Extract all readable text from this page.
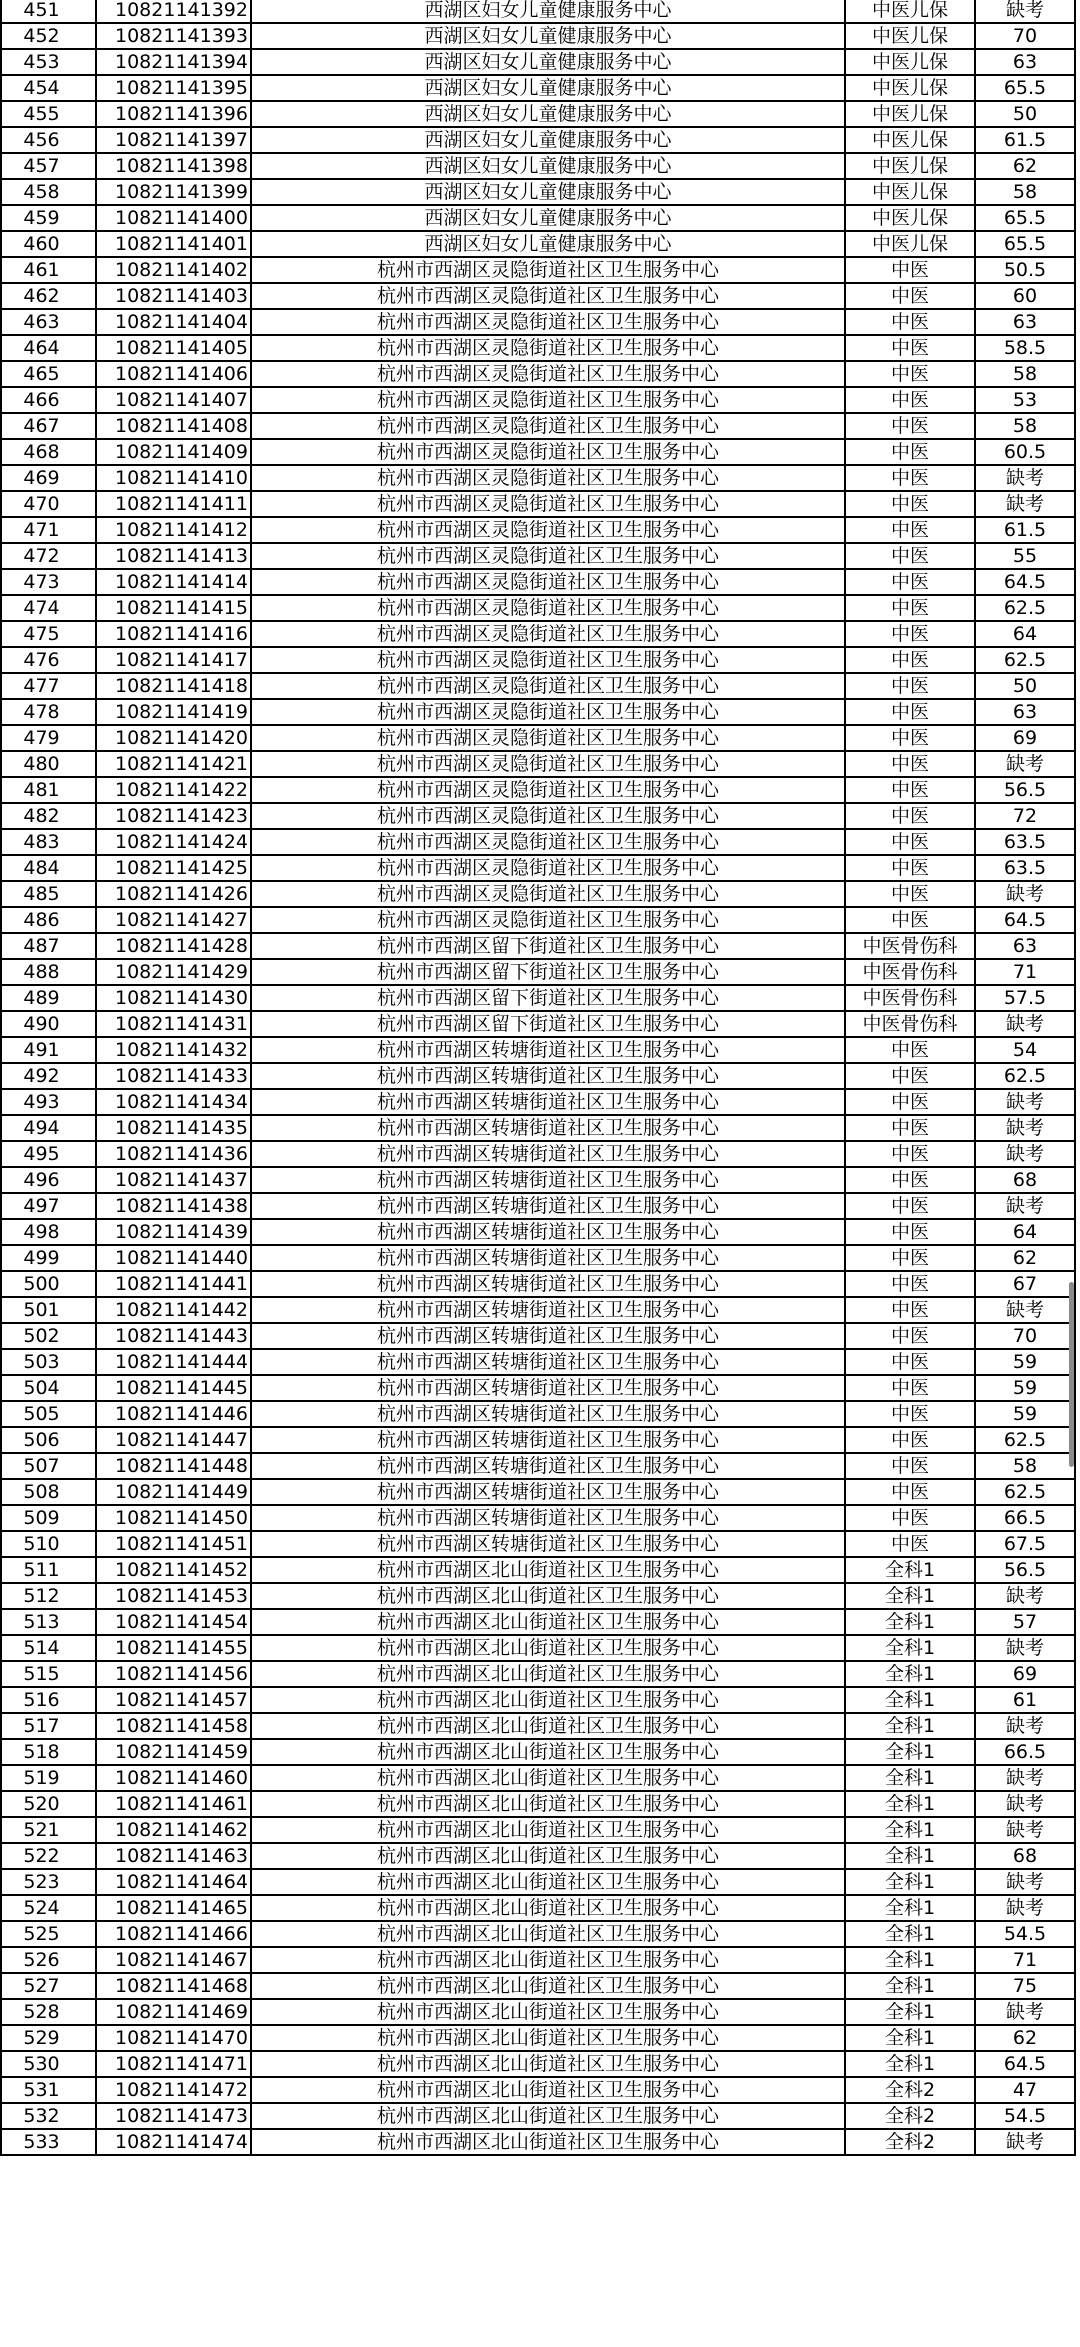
451	10821141392	西湖区妇女儿童健康服务中心	中医儿保	缺考
452	10821141393	西湖区妇女儿童健康服务中心	中医儿保	70
453	10821141394	西湖区妇女儿童健康服务中心	中医儿保	63
454	10821141395	西湖区妇女儿童健康服务中心	中医儿保	65.5
455	10821141396	西湖区妇女儿童健康服务中心	中医儿保	50
456	10821141397	西湖区妇女儿童健康服务中心	中医儿保	61.5
457	10821141398	西湖区妇女儿童健康服务中心	中医儿保	62
458	10821141399	西湖区妇女儿童健康服务中心	中医儿保	58
459	10821141400	西湖区妇女儿童健康服务中心	中医儿保	65.5
460	10821141401	西湖区妇女儿童健康服务中心	中医儿保	65.5
461	10821141402	杭州市西湖区灵隐街道社区卫生服务中心	中医	50.5
462	10821141403	杭州市西湖区灵隐街道社区卫生服务中心	中医	60
463	10821141404	杭州市西湖区灵隐街道社区卫生服务中心	中医	63
464	10821141405	杭州市西湖区灵隐街道社区卫生服务中心	中医	58.5
465	10821141406	杭州市西湖区灵隐街道社区卫生服务中心	中医	58
466	10821141407	杭州市西湖区灵隐街道社区卫生服务中心	中医	53
467	10821141408	杭州市西湖区灵隐街道社区卫生服务中心	中医	58
468	10821141409	杭州市西湖区灵隐街道社区卫生服务中心	中医	60.5
469	10821141410	杭州市西湖区灵隐街道社区卫生服务中心	中医	缺考
470	10821141411	杭州市西湖区灵隐街道社区卫生服务中心	中医	缺考
471	10821141412	杭州市西湖区灵隐街道社区卫生服务中心	中医	61.5
472	10821141413	杭州市西湖区灵隐街道社区卫生服务中心	中医	55
473	10821141414	杭州市西湖区灵隐街道社区卫生服务中心	中医	64.5
474	10821141415	杭州市西湖区灵隐街道社区卫生服务中心	中医	62.5
475	10821141416	杭州市西湖区灵隐街道社区卫生服务中心	中医	64
476	10821141417	杭州市西湖区灵隐街道社区卫生服务中心	中医	62.5
477	10821141418	杭州市西湖区灵隐街道社区卫生服务中心	中医	50
478	10821141419	杭州市西湖区灵隐街道社区卫生服务中心	中医	63
479	10821141420	杭州市西湖区灵隐街道社区卫生服务中心	中医	69
480	10821141421	杭州市西湖区灵隐街道社区卫生服务中心	中医	缺考
481	10821141422	杭州市西湖区灵隐街道社区卫生服务中心	中医	56.5
482	10821141423	杭州市西湖区灵隐街道社区卫生服务中心	中医	72
483	10821141424	杭州市西湖区灵隐街道社区卫生服务中心	中医	63.5
484	10821141425	杭州市西湖区灵隐街道社区卫生服务中心	中医	63.5
485	10821141426	杭州市西湖区灵隐街道社区卫生服务中心	中医	缺考
486	10821141427	杭州市西湖区灵隐街道社区卫生服务中心	中医	64.5
487	10821141428	杭州市西湖区留下街道社区卫生服务中心	中医骨伤科	63
488	10821141429	杭州市西湖区留下街道社区卫生服务中心	中医骨伤科	71
489	10821141430	杭州市西湖区留下街道社区卫生服务中心	中医骨伤科	57.5
490	10821141431	杭州市西湖区留下街道社区卫生服务中心	中医骨伤科	缺考
491	10821141432	杭州市西湖区转塘街道社区卫生服务中心	中医	54
492	10821141433	杭州市西湖区转塘街道社区卫生服务中心	中医	62.5
493	10821141434	杭州市西湖区转塘街道社区卫生服务中心	中医	缺考
494	10821141435	杭州市西湖区转塘街道社区卫生服务中心	中医	缺考
495	10821141436	杭州市西湖区转塘街道社区卫生服务中心	中医	缺考
496	10821141437	杭州市西湖区转塘街道社区卫生服务中心	中医	68
497	10821141438	杭州市西湖区转塘街道社区卫生服务中心	中医	缺考
498	10821141439	杭州市西湖区转塘街道社区卫生服务中心	中医	64
499	10821141440	杭州市西湖区转塘街道社区卫生服务中心	中医	62
500	10821141441	杭州市西湖区转塘街道社区卫生服务中心	中医	67
501	10821141442	杭州市西湖区转塘街道社区卫生服务中心	中医	缺考
502	10821141443	杭州市西湖区转塘街道社区卫生服务中心	中医	70
503	10821141444	杭州市西湖区转塘街道社区卫生服务中心	中医	59
504	10821141445	杭州市西湖区转塘街道社区卫生服务中心	中医	59
505	10821141446	杭州市西湖区转塘街道社区卫生服务中心	中医	59
506	10821141447	杭州市西湖区转塘街道社区卫生服务中心	中医	62.5
507	10821141448	杭州市西湖区转塘街道社区卫生服务中心	中医	58
508	10821141449	杭州市西湖区转塘街道社区卫生服务中心	中医	62.5
509	10821141450	杭州市西湖区转塘街道社区卫生服务中心	中医	66.5
510	10821141451	杭州市西湖区转塘街道社区卫生服务中心	中医	67.5
511	10821141452	杭州市西湖区北山街道社区卫生服务中心	全科1	56.5
512	10821141453	杭州市西湖区北山街道社区卫生服务中心	全科1	缺考
513	10821141454	杭州市西湖区北山街道社区卫生服务中心	全科1	57
514	10821141455	杭州市西湖区北山街道社区卫生服务中心	全科1	缺考
515	10821141456	杭州市西湖区北山街道社区卫生服务中心	全科1	69
516	10821141457	杭州市西湖区北山街道社区卫生服务中心	全科1	61
517	10821141458	杭州市西湖区北山街道社区卫生服务中心	全科1	缺考
518	10821141459	杭州市西湖区北山街道社区卫生服务中心	全科1	66.5
519	10821141460	杭州市西湖区北山街道社区卫生服务中心	全科1	缺考
520	10821141461	杭州市西湖区北山街道社区卫生服务中心	全科1	缺考
521	10821141462	杭州市西湖区北山街道社区卫生服务中心	全科1	缺考
522	10821141463	杭州市西湖区北山街道社区卫生服务中心	全科1	68
523	10821141464	杭州市西湖区北山街道社区卫生服务中心	全科1	缺考
524	10821141465	杭州市西湖区北山街道社区卫生服务中心	全科1	缺考
525	10821141466	杭州市西湖区北山街道社区卫生服务中心	全科1	54.5
526	10821141467	杭州市西湖区北山街道社区卫生服务中心	全科1	71
527	10821141468	杭州市西湖区北山街道社区卫生服务中心	全科1	75
528	10821141469	杭州市西湖区北山街道社区卫生服务中心	全科1	缺考
529	10821141470	杭州市西湖区北山街道社区卫生服务中心	全科1	62
530	10821141471	杭州市西湖区北山街道社区卫生服务中心	全科1	64.5
531	10821141472	杭州市西湖区北山街道社区卫生服务中心	全科2	47
532	10821141473	杭州市西湖区北山街道社区卫生服务中心	全科2	54.5
533	10821141474	杭州市西湖区北山街道社区卫生服务中心	全科2	缺考
